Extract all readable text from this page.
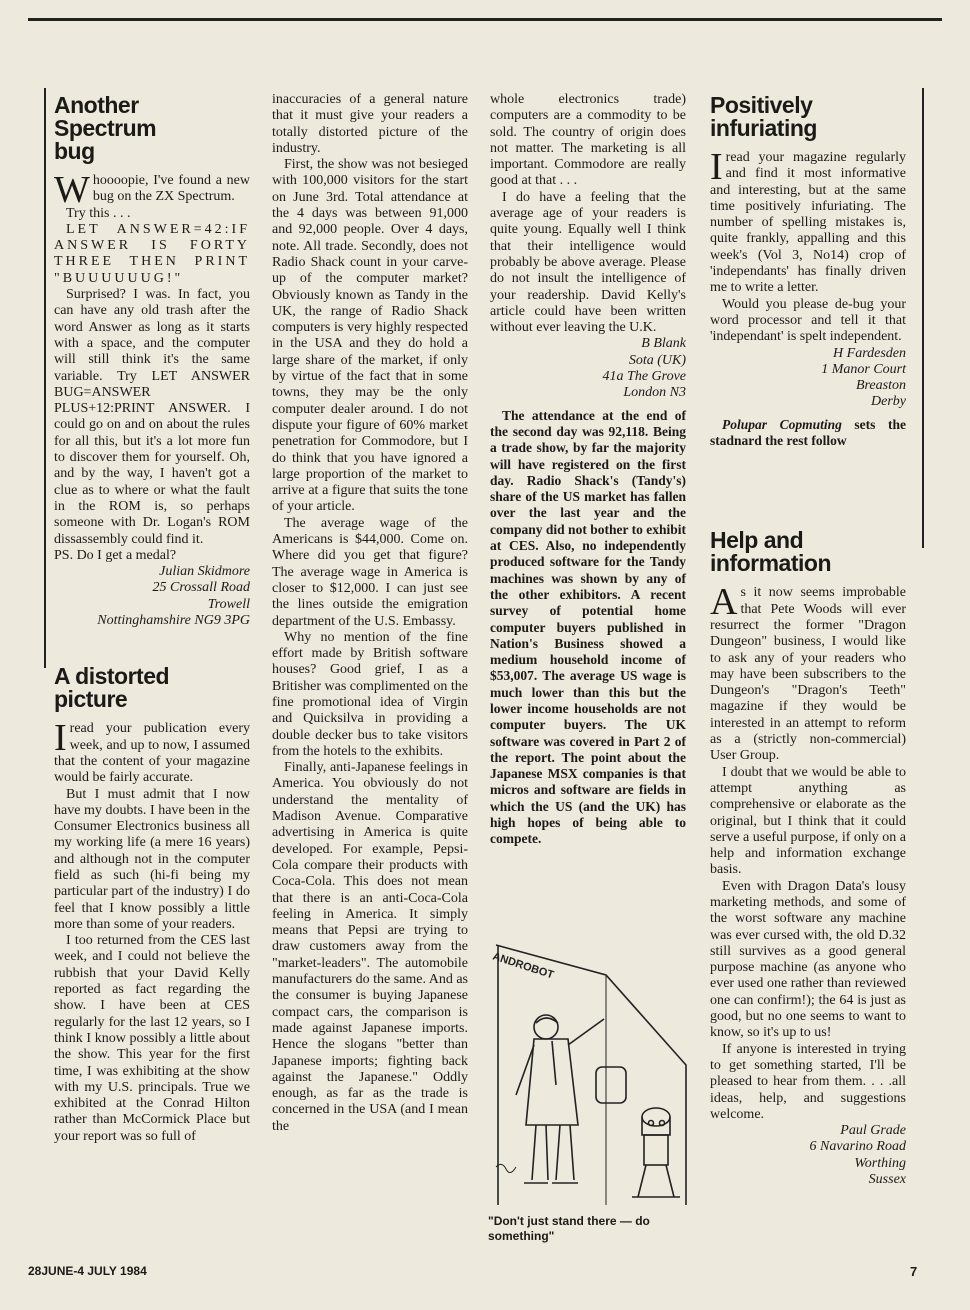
Another Spectrum bug

Whoooopie, I've found a new bug on the ZX Spectrum.

Try this . . .

LET ANSWER=42:IF ANSWER IS FORTY THREE THEN PRINT "BUUUUUUG!"

Surprised? I was. In fact, you can have any old trash after the word Answer as long as it starts with a space, and the computer will still think it's the same variable. Try LET ANSWER BUG=ANSWER PLUS+12:PRINT ANSWER. I could go on and on about the rules for all this, but it's a lot more fun to discover them for yourself. Oh, and by the way, I haven't got a clue as to where or what the fault in the ROM is, so perhaps someone with Dr. Logan's ROM dissassembly could find it.

PS. Do I get a medal?

Julian Skidmore

25 Crossall Road

Trowell

Nottinghamshire NG9 3PG

A distorted picture

Iread your publication every week, and up to now, I assumed that the content of your magazine would be fairly accurate.

But I must admit that I now have my doubts. I have been in the Consumer Electronics business all my working life (a mere 16 years) and although not in the computer field as such (hi-fi being my particular part of the industry) I do feel that I know possibly a little more than some of your readers.

I too returned from the CES last week, and I could not believe the rubbish that your David Kelly reported as fact regarding the show. I have been at CES regularly for the last 12 years, so I think I know possibly a little about the show. This year for the first time, I was exhibiting at the show with my U.S. principals. True we exhibited at the Conrad Hilton rather than McCormick Place but your report was so full of

inaccuracies of a general nature that it must give your readers a totally distorted picture of the industry.

First, the show was not besieged with 100,000 visitors for the start on June 3rd. Total attendance at the 4 days was between 91,000 and 92,000 people. Over 4 days, note. All trade. Secondly, does not Radio Shack count in your carve-up of the computer market? Obviously known as Tandy in the UK, the range of Radio Shack computers is very highly respected in the USA and they do hold a large share of the market, if only by virtue of the fact that in some towns, they may be the only computer dealer around. I do not dispute your figure of 60% market penetration for Commodore, but I do think that you have ignored a large proportion of the market to arrive at a figure that suits the tone of your article.

The average wage of the Americans is $44,000. Come on. Where did you get that figure? The average wage in America is closer to $12,000. I can just see the lines outside the emigration department of the U.S. Embassy.

Why no mention of the fine effort made by British software houses? Good grief, I as a Britisher was complimented on the fine promotional idea of Virgin and Quicksilva in providing a double decker bus to take visitors from the hotels to the exhibits.

Finally, anti-Japanese feelings in America. You obviously do not understand the mentality of Madison Avenue. Comparative advertising in America is quite developed. For example, Pepsi-Cola compare their products with Coca-Cola. This does not mean that there is an anti-Coca-Cola feeling in America. It simply means that Pepsi are trying to draw customers away from the "market-leaders". The automobile manufacturers do the same. And as the consumer is buying Japanese compact cars, the comparison is made against Japanese imports. Hence the slogans "better than Japanese imports; fighting back against the Japanese." Oddly enough, as far as the trade is concerned in the USA (and I mean the

whole electronics trade) computers are a commodity to be sold. The country of origin does not matter. The marketing is all important. Commodore are really good at that . . .

I do have a feeling that the average age of your readers is quite young. Equally well I think that their intelligence would probably be above average. Please do not insult the intelligence of your readership. David Kelly's article could have been written without ever leaving the U.K.

B Blank

Sota (UK)

41a The Grove

London N3

The attendance at the end of the second day was 92,118. Being a trade show, by far the majority will have registered on the first day. Radio Shack's (Tandy's) share of the US market has fallen over the last year and the company did not bother to exhibit at CES. Also, no independently produced software for the Tandy machines was shown by any of the other exhibitors. A recent survey of potential home computer buyers published in Nation's Business showed a medium household income of $53,007. The average US wage is much lower than this but the lower income households are not computer buyers. The UK software was covered in Part 2 of the report. The point about the Japanese MSX companies is that micros and software are fields in which the US (and the UK) has high hopes of being able to compete.

Positively infuriating

Iread your magazine regularly and find it most informative and interesting, but at the same time positively infuriating. The number of spelling mistakes is, quite frankly, appalling and this week's (Vol 3, No14) crop of 'independants' has finally driven me to write a letter.

Would you please de-bug your word processor and tell it that 'independant' is spelt independent.

H Fardesden

1 Manor Court

Breaston

Derby

Polupar Copmuting sets the stadnard the rest follow

Help and information

As it now seems improbable that Pete Woods will ever resurrect the former "Dragon Dungeon" business, I would like to ask any of your readers who may have been subscribers to the Dungeon's "Dragon's Teeth" magazine if they would be interested in an attempt to reform as a (strictly non-commercial) User Group.

I doubt that we would be able to attempt anything as comprehensive or elaborate as the original, but I think that it could serve a useful purpose, if only on a help and information exchange basis.

Even with Dragon Data's lousy marketing methods, and some of the worst software any machine was ever cursed with, the old D.32 still survives as a good general purpose machine (as anyone who ever used one rather than reviewed one can confirm!); the 64 is just as good, but no one seems to want to know, so it's up to us!

If anyone is interested in trying to get something started, I'll be pleased to hear from them. . . .all ideas, help, and suggestions welcome.

Paul Grade

6 Navarino Road

Worthing

Sussex

ANDROBOT
"Don't just stand there — do something"
28JUNE-4 JULY 1984	7
